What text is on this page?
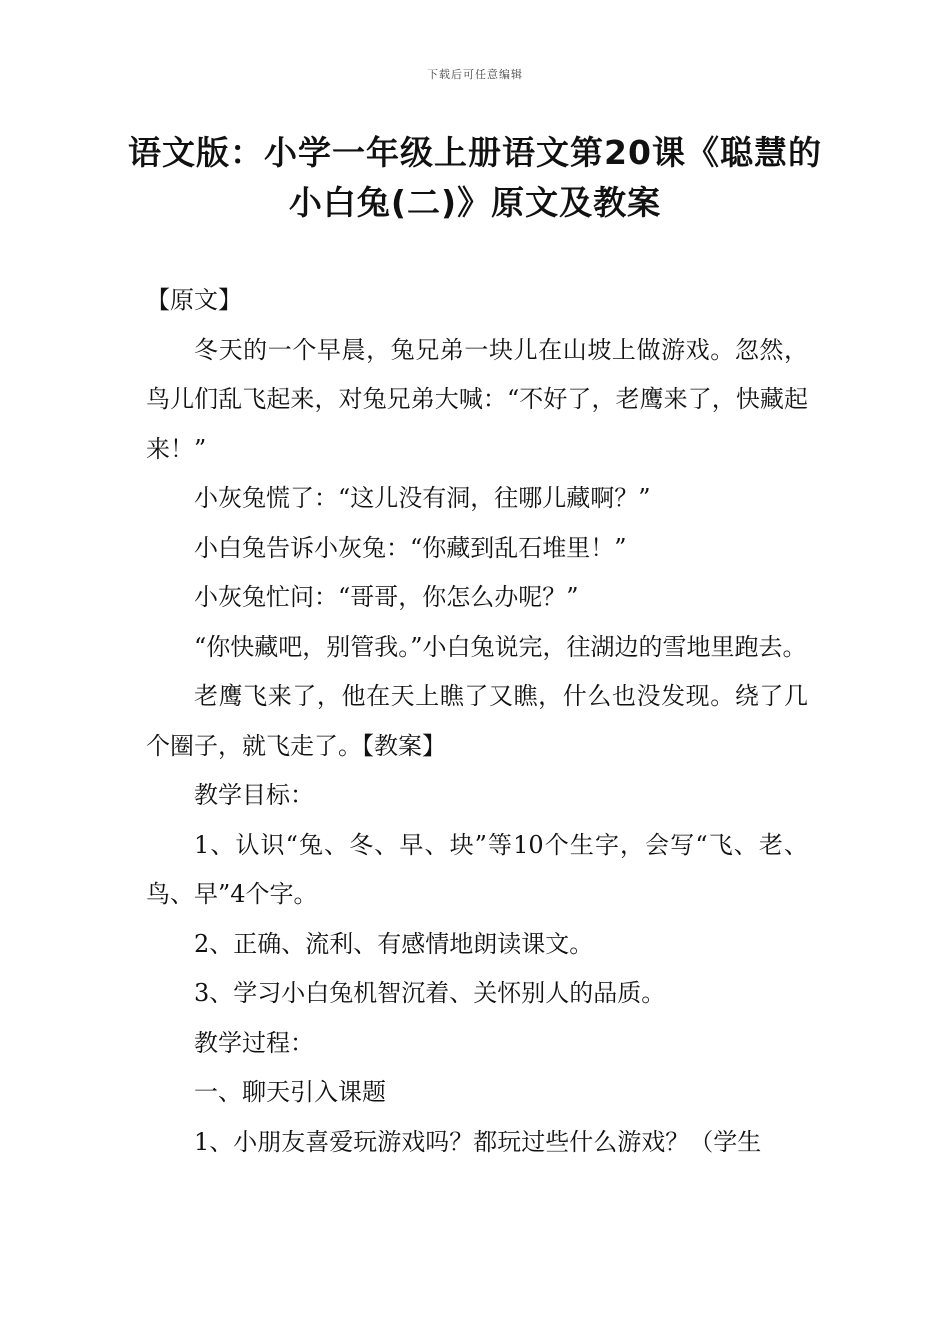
下载后可任意编辑
语文版：小学一年级上册语文第20课《聪慧的小白兔(二)》原文及教案

【原文】

冬天的一个早晨，兔兄弟一块儿在山坡上做游戏。忽然，鸟儿们乱飞起来，对兔兄弟大喊：“不好了，老鹰来了，快藏起来！”

小灰兔慌了：“这儿没有洞，往哪儿藏啊？”

小白兔告诉小灰兔：“你藏到乱石堆里！”

小灰兔忙问：“哥哥，你怎么办呢？”

“你快藏吧，别管我。”小白兔说完，往湖边的雪地里跑去。

老鹰飞来了，他在天上瞧了又瞧，什么也没发现。绕了几个圈子，就飞走了。【教案】

教学目标：

1、认识“兔、冬、早、块”等10个生字，会写“飞、老、鸟、早”4个字。

2、正确、流利、有感情地朗读课文。

3、学习小白兔机智沉着、关怀别人的品质。

教学过程：

一、聊天引入课题

1、小朋友喜爱玩游戏吗？都玩过些什么游戏？（学生
